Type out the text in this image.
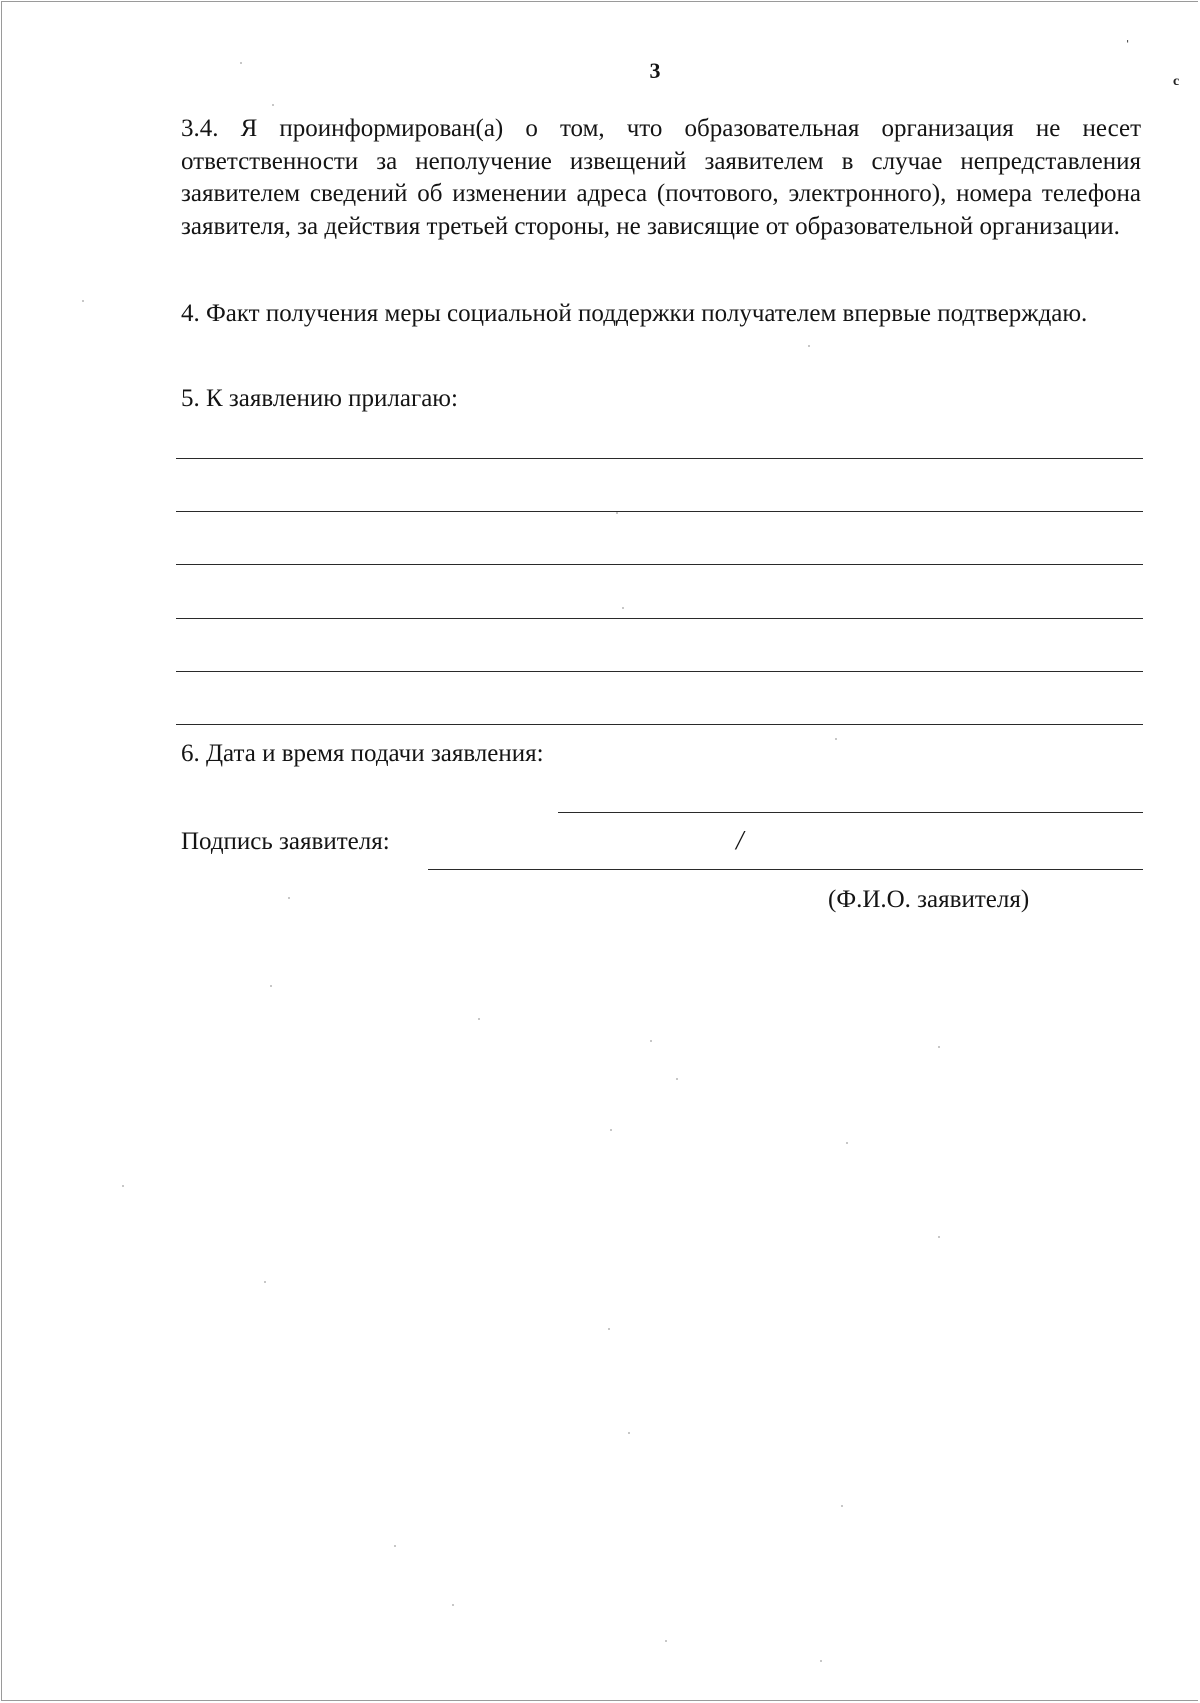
3

3.4. Я проинформирован(а) о том, что образовательная организация не несет ответственности за неполучение извещений заявителем в случае непредставления заявителем сведений об изменении адреса (почтового, электронного), номера телефона заявителя, за действия третьей стороны, не зависящие от образовательной организации.

4. Факт получения меры социальной поддержки получателем впервые подтверждаю.

5. К заявлению прилагаю:

6. Дата и время подачи заявления:

Подпись заявителя:	/

(Ф.И.О. заявителя)

ˌ
c
